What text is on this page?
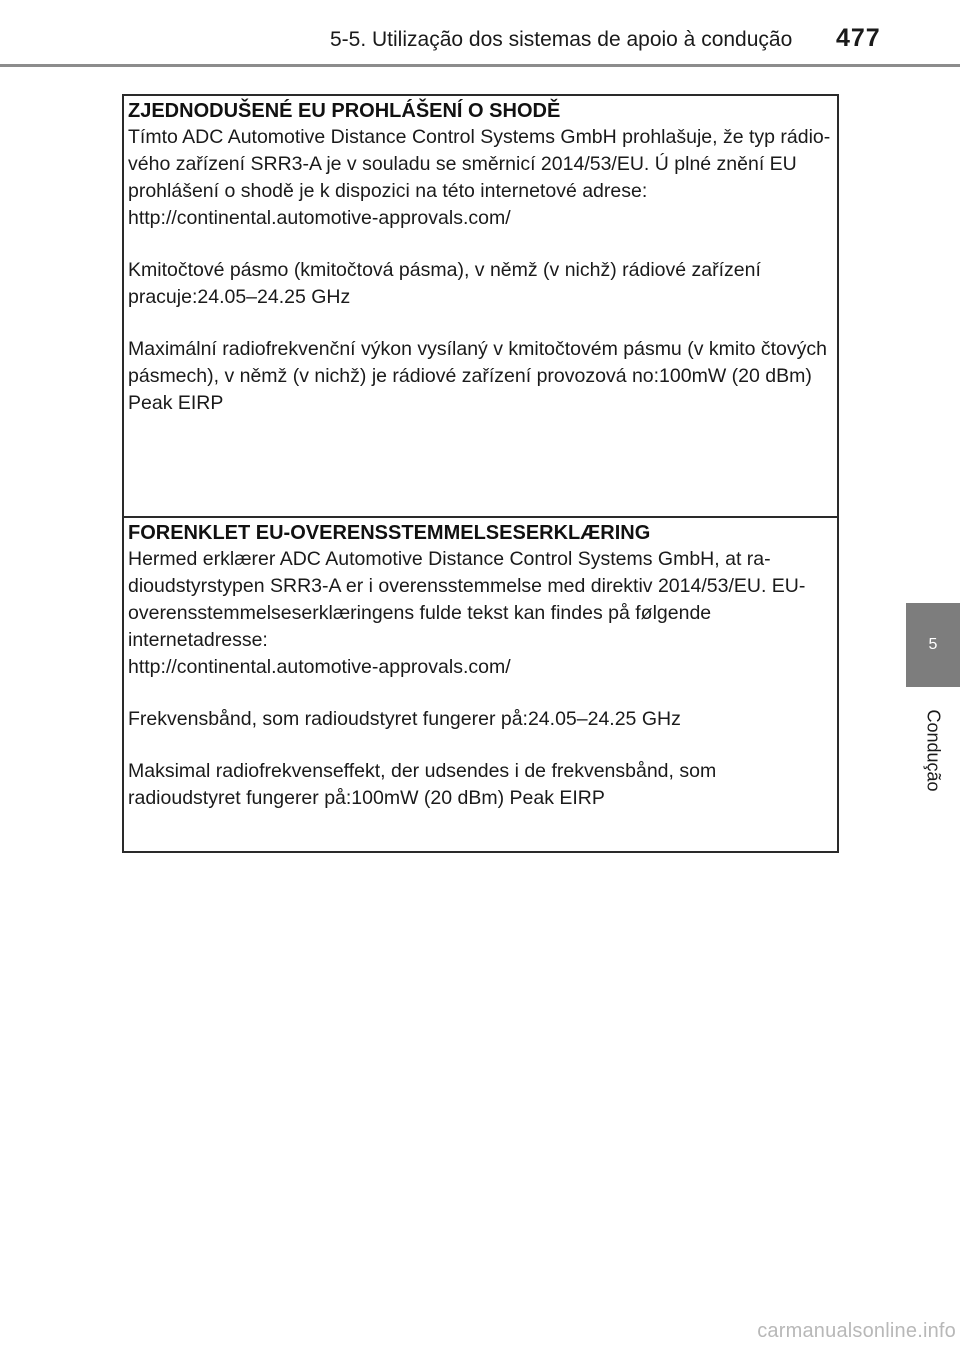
5-5. Utilização dos sistemas de apoio à condução	477
5
Condução

ZJEDNODUŠENÉ EU PROHLÁŠENÍ O SHODĚ

Tímto ADC Automotive Distance Control Systems GmbH prohlašuje, že typ rádio-vého zařízení SRR3-A je v souladu se směrnicí 2014/53/EU. Ú plné znění EU prohlášení o shodě je k dispozici na této internetové adrese:

http://continental.automotive-approvals.com/

Kmitočtové pásmo (kmitočtová pásma), v němž (v nichž) rádiové zařízení pracuje:24.05–24.25 GHz

Maximální radiofrekvenční výkon vysílaný v kmitočtovém pásmu (v kmito čtových pásmech), v němž (v nichž) je rádiové zařízení provozová no:100mW (20 dBm) Peak EIRP

FORENKLET EU-OVERENSSTEMMELSESERKLÆRING

Hermed erklærer ADC Automotive Distance Control Systems GmbH, at ra-dioudstyrstypen SRR3-A er i overensstemmelse med direktiv 2014/53/EU. EU-overensstemmelseserklæringens fulde tekst kan findes på følgende internetadresse:

http://continental.automotive-approvals.com/

Frekvensbånd, som radioudstyret fungerer på:24.05–24.25 GHz

Maksimal radiofrekvenseffekt, der udsendes i de frekvensbånd, som radioudstyret fungerer på:100mW (20 dBm) Peak EIRP

carmanualsonline.info
